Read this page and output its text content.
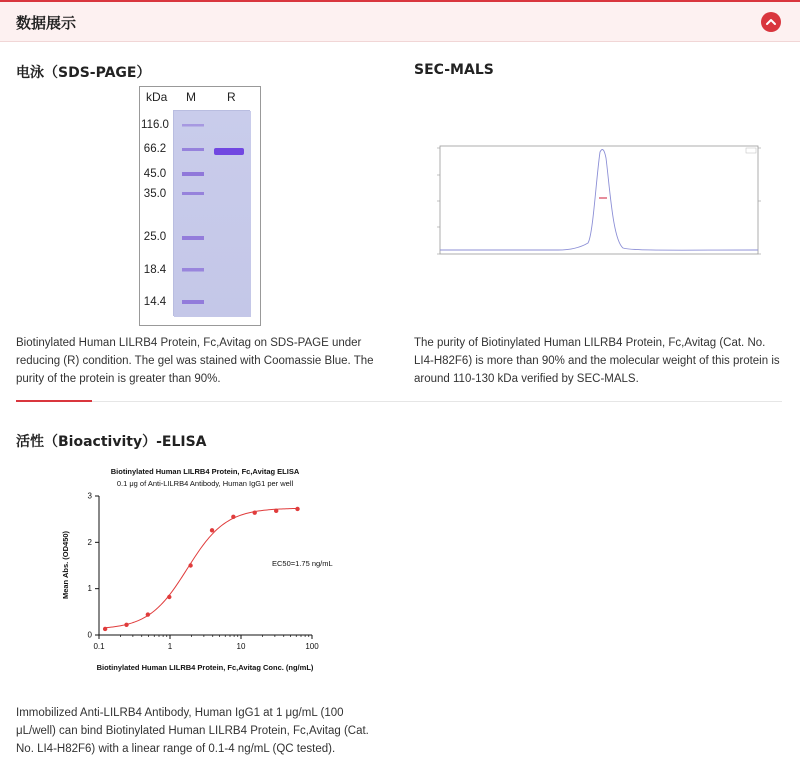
数据展示
电泳（SDS-PAGE）
kDa M	R
116.0
66.2
45.0
35.0
25.0
18.4
14.4
Biotinylated Human LILRB4 Protein, Fc,Avitag on SDS-PAGE under reducing (R) condition. The gel was stained with Coomassie Blue. The purity of the protein is greater than 90%.
SEC-MALS
The purity of Biotinylated Human LILRB4 Protein, Fc,Avitag (Cat. No. LI4-H82F6) is more than 90% and the molecular weight of this protein is around 110-130 kDa verified by SEC-MALS.
活性（Bioactivity）-ELISA
Biotinylated Human LILRB4 Protein, Fc,Avitag ELISA
0.1 μg of Anti-LILRB4 Antibody, Human IgG1 per well
0
1
2
3
0.1	1	10	100
EC50=1.75 ng/mL
Biotinylated Human LILRB4 Protein, Fc,Avitag Conc. (ng/mL)
Mean Abs. (OD450)
Immobilized Anti-LILRB4 Antibody, Human IgG1 at 1 μg/mL (100 μL/well) can bind Biotinylated Human LILRB4 Protein, Fc,Avitag (Cat. No. LI4-H82F6) with a linear range of 0.1-4 ng/mL (QC tested).
